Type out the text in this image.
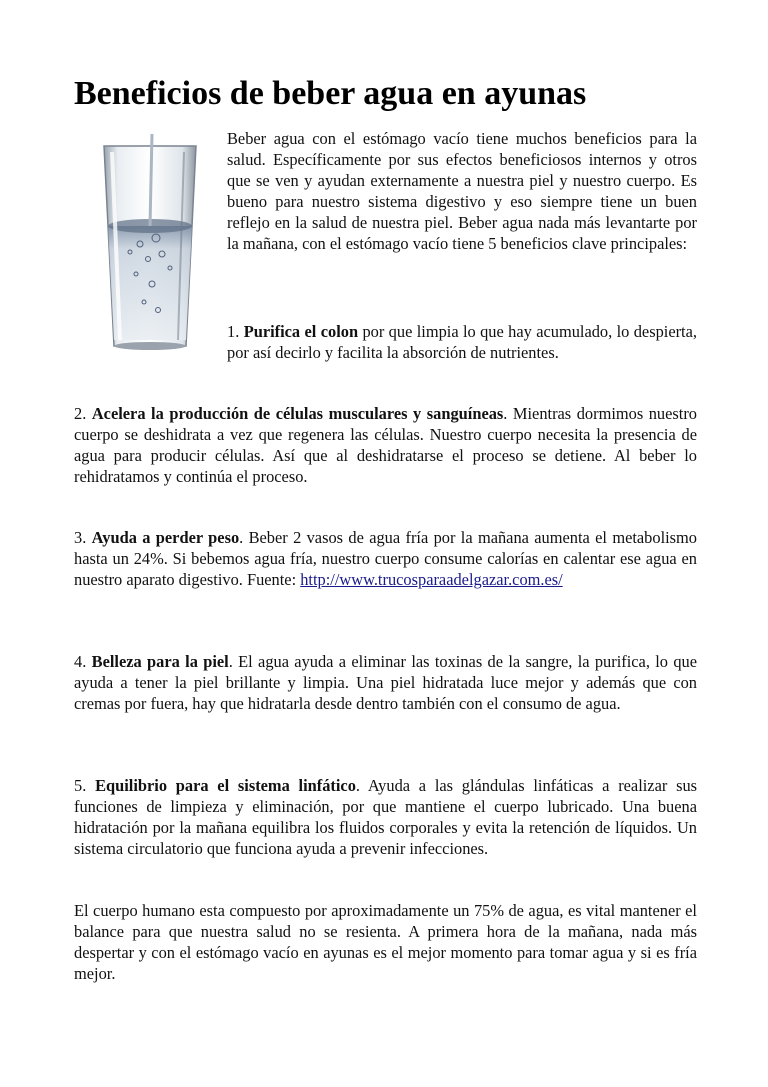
Beneficios de beber agua en ayunas

Beber agua con el estómago vacío tiene muchos beneficios para la salud. Específicamente por sus efectos beneficiosos internos y otros que se ven y ayudan externamente a nuestra piel y nuestro cuerpo. Es bueno para nuestro sistema digestivo y eso siempre tiene un buen reflejo en la salud de nuestra piel. Beber agua nada más levantarte por la mañana, con el estómago vacío tiene 5 beneficios clave principales:

1. Purifica el colon por que limpia lo que hay acumulado, lo despierta, por así decirlo y facilita la absorción de nutrientes.

2. Acelera la producción de células musculares y sanguíneas. Mientras dormimos nuestro cuerpo se deshidrata a vez que regenera las células. Nuestro cuerpo necesita la presencia de agua para producir células. Así que al deshidratarse el proceso se detiene. Al beber lo rehidratamos y continúa el proceso.

3. Ayuda a perder peso. Beber 2 vasos de agua fría por la mañana aumenta el metabolismo hasta un 24%. Si bebemos agua fría, nuestro cuerpo consume calorías en calentar ese agua en nuestro aparato digestivo. Fuente: http://www.trucosparaadelgazar.com.es/

4. Belleza para la piel. El agua ayuda a eliminar las toxinas de la sangre, la purifica, lo que ayuda a tener la piel brillante y limpia. Una piel hidratada luce mejor y además que con cremas por fuera, hay que hidratarla desde dentro también con el consumo de agua.

5. Equilibrio para el sistema linfático. Ayuda a las glándulas linfáticas a realizar sus funciones de limpieza y eliminación, por que mantiene el cuerpo lubricado. Una buena hidratación por la mañana equilibra los fluidos corporales y evita la retención de líquidos. Un sistema circulatorio que funciona ayuda a prevenir infecciones.

El cuerpo humano esta compuesto por aproximadamente un 75% de agua, es vital mantener el balance para que nuestra salud no se resienta. A primera hora de la mañana, nada más despertar y con el estómago vacío en ayunas es el mejor momento para tomar agua y si es fría mejor.
